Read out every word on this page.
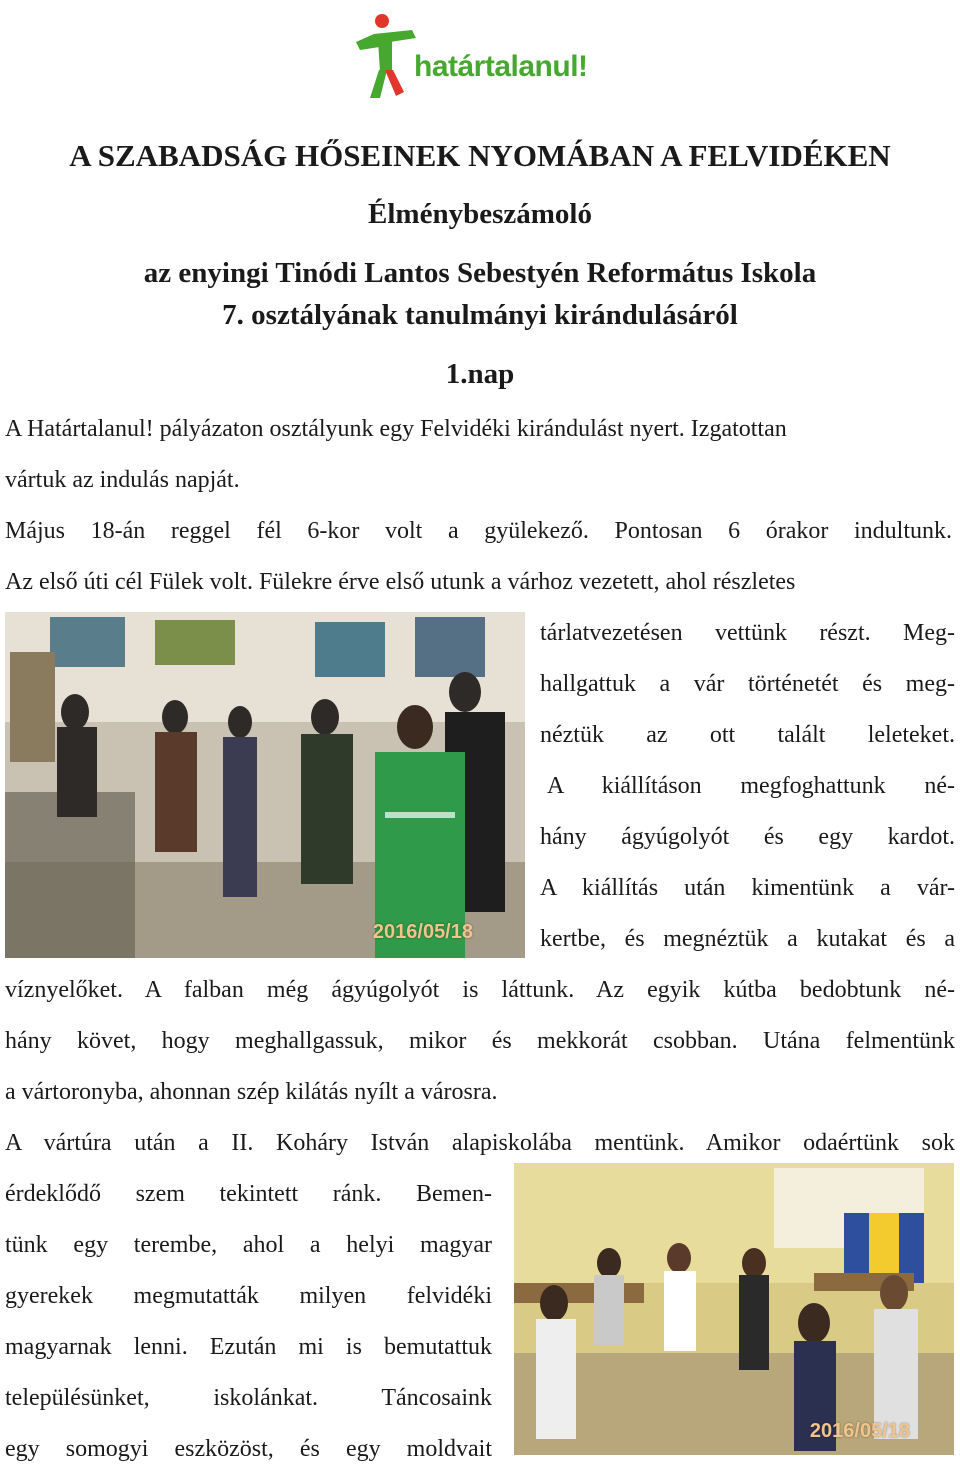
határtalanul!
A SZABADSÁG HŐSEINEK NYOMÁBAN A FELVIDÉKEN
Élménybeszámoló
az enyingi Tinódi Lantos Sebestyén Református Iskola
7. osztályának tanulmányi kirándulásáról
1.nap
A Határtalanul! pályázaton osztályunk egy Felvidéki kirándulást nyert. Izgatottan
vártuk az indulás napját.
Május 18-án reggel fél 6-kor volt a gyülekező. Pontosan 6 órakor indultunk.
Az első úti cél Fülek volt. Fülekre érve első utunk a várhoz vezetett, ahol részletes
tárlatvezetésen vettünk részt. Meg-
hallgattuk a vár történetét és meg-
néztük az ott talált leleteket.
A kiállításon megfoghattunk né-
hány ágyúgolyót és egy kardot.
A kiállítás után kimentünk a vár-
kertbe, és megnéztük a kutakat és a
víznyelőket. A falban még ágyúgolyót is láttunk. Az egyik kútba bedobtunk né-
hány követ, hogy meghallgassuk, mikor és mekkorát csobban. Utána felmentünk
a vártoronyba, ahonnan szép kilátás nyílt a városra.
A vártúra után a II. Koháry István alapiskolába mentünk. Amikor odaértünk sok
érdeklődő szem tekintett ránk. Bemen-
tünk egy terembe, ahol a helyi magyar
gyerekek megmutatták milyen felvidéki
magyarnak lenni. Ezután mi is bemutattuk
településünket, iskolánkat. Táncosaink
egy somogyi eszközöst, és egy moldvait
2016/05/18
2016/05/18
